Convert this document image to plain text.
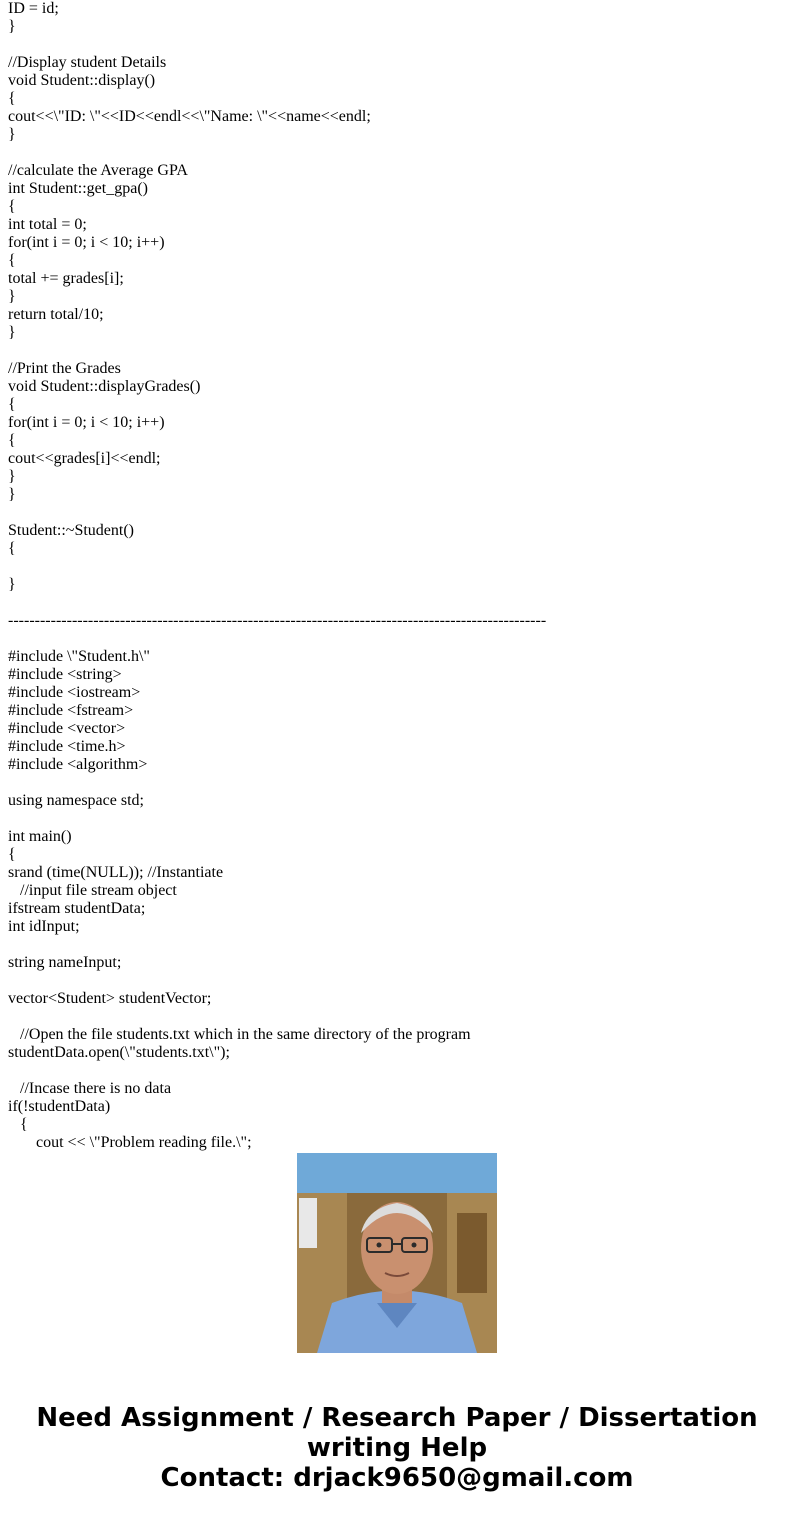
ID = id;
}
//Display student Details
void Student::display()
{
cout<<\"ID: \"<<ID<<endl<<\"Name: \"<<name<<endl;
}
//calculate the Average GPA
int Student::get_gpa()
{
int total = 0;
for(int i = 0; i < 10; i++)
{
total += grades[i];
}
return total/10;
}
//Print the Grades
void Student::displayGrades()
{
for(int i = 0; i < 10; i++)
{
cout<<grades[i]<<endl;
}
}
Student::~Student()
{
}
-----------------------------------------------------------------------------------------------------
#include \"Student.h\"
#include <string>
#include <iostream>
#include <fstream>
#include <vector>
#include <time.h>
#include <algorithm>
using namespace std;
int main()
{
srand (time(NULL)); //Instantiate
//input file stream object
ifstream studentData;
int idInput;
string nameInput;
vector<Student> studentVector;
//Open the file students.txt which in the same directory of the program
studentData.open(\"students.txt\");
//Incase there is no data
if(!studentData)
{
cout << \"Problem reading file.\";
Need Assignment / Research Paper / Dissertation
writing Help
Contact: drjack9650@gmail.com
